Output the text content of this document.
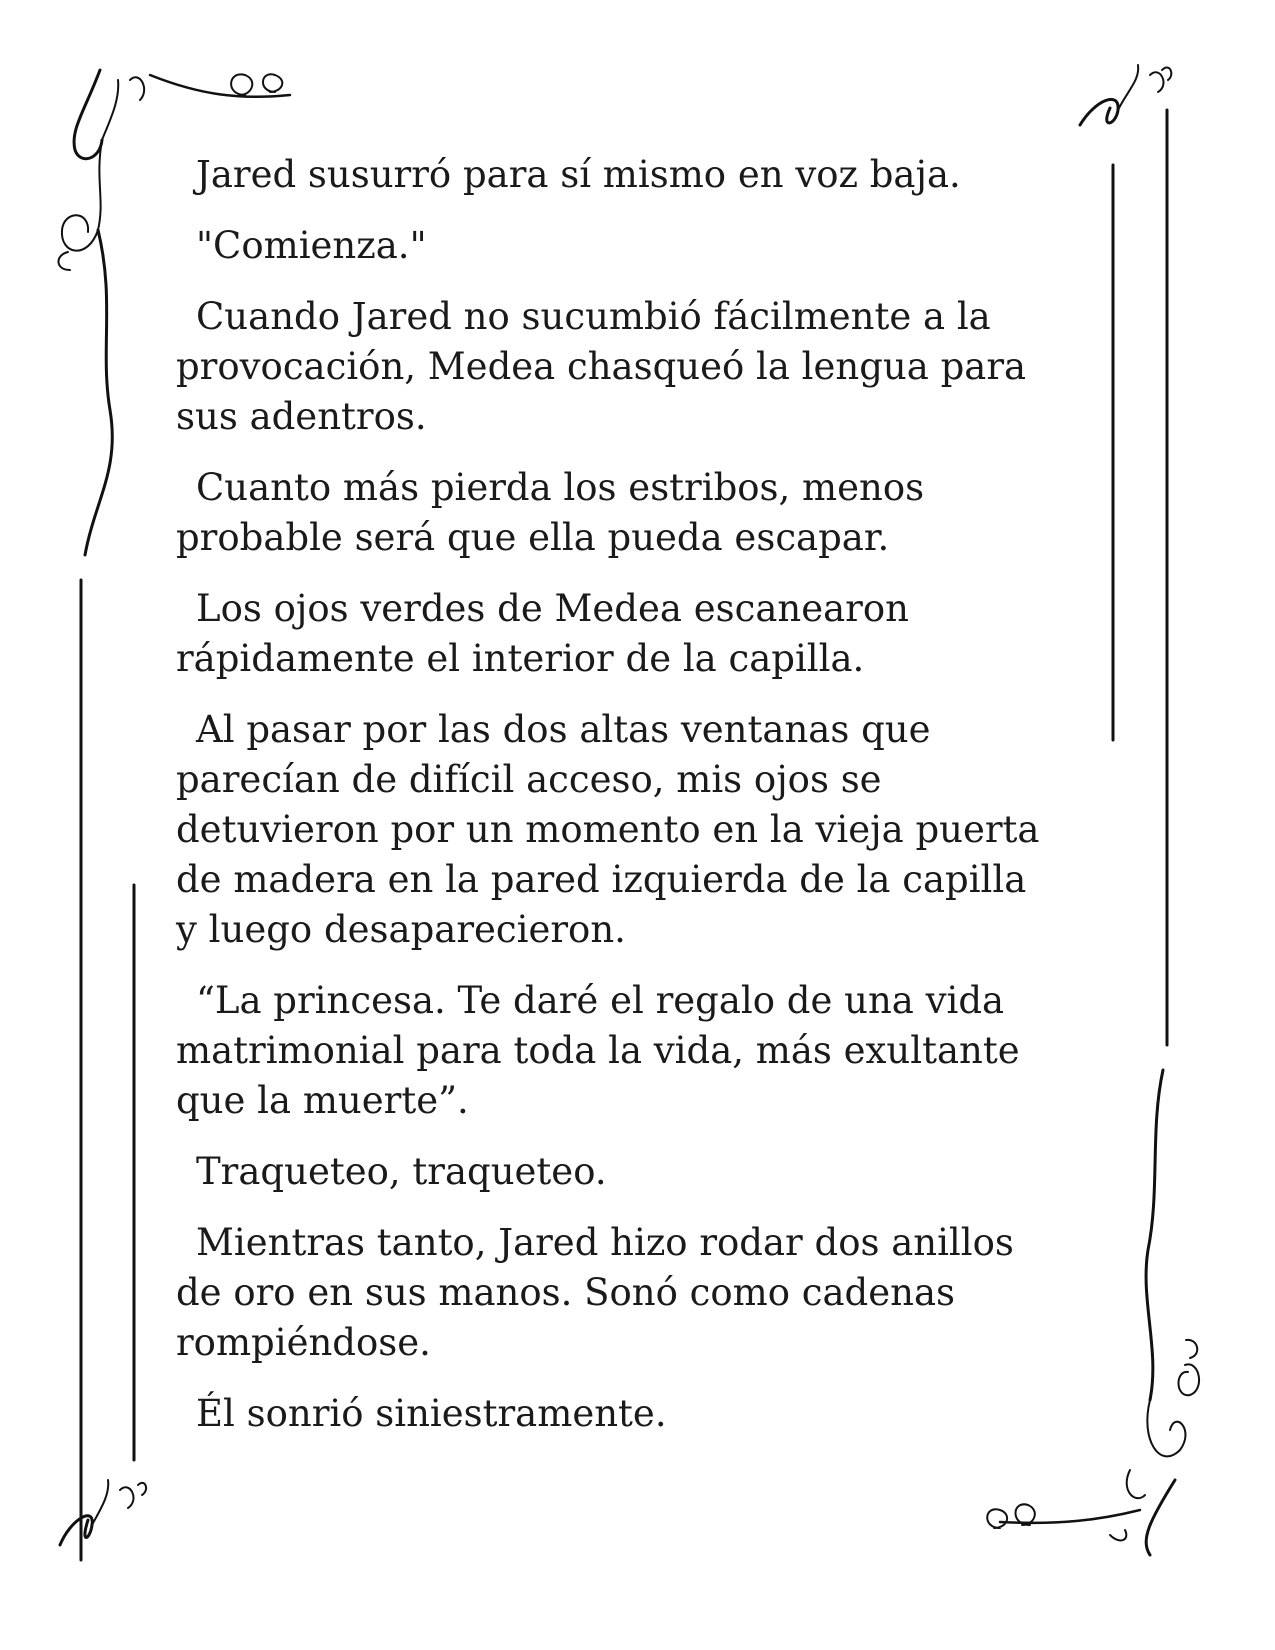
Jared susurró para sí mismo en voz baja.

"Comienza."

Cuando Jared no sucumbió fácilmente a la
provocación, Medea chasqueó la lengua para
sus adentros.

Cuanto más pierda los estribos, menos
probable será que ella pueda escapar.

Los ojos verdes de Medea escanearon
rápidamente el interior de la capilla.

Al pasar por las dos altas ventanas que
parecían de difícil acceso, mis ojos se
detuvieron por un momento en la vieja puerta
de madera en la pared izquierda de la capilla
y luego desaparecieron.

“La princesa. Te daré el regalo de una vida
matrimonial para toda la vida, más exultante
que la muerte”.

Traqueteo, traqueteo.

Mientras tanto, Jared hizo rodar dos anillos
de oro en sus manos. Sonó como cadenas
rompiéndose.

Él sonrió siniestramente.
